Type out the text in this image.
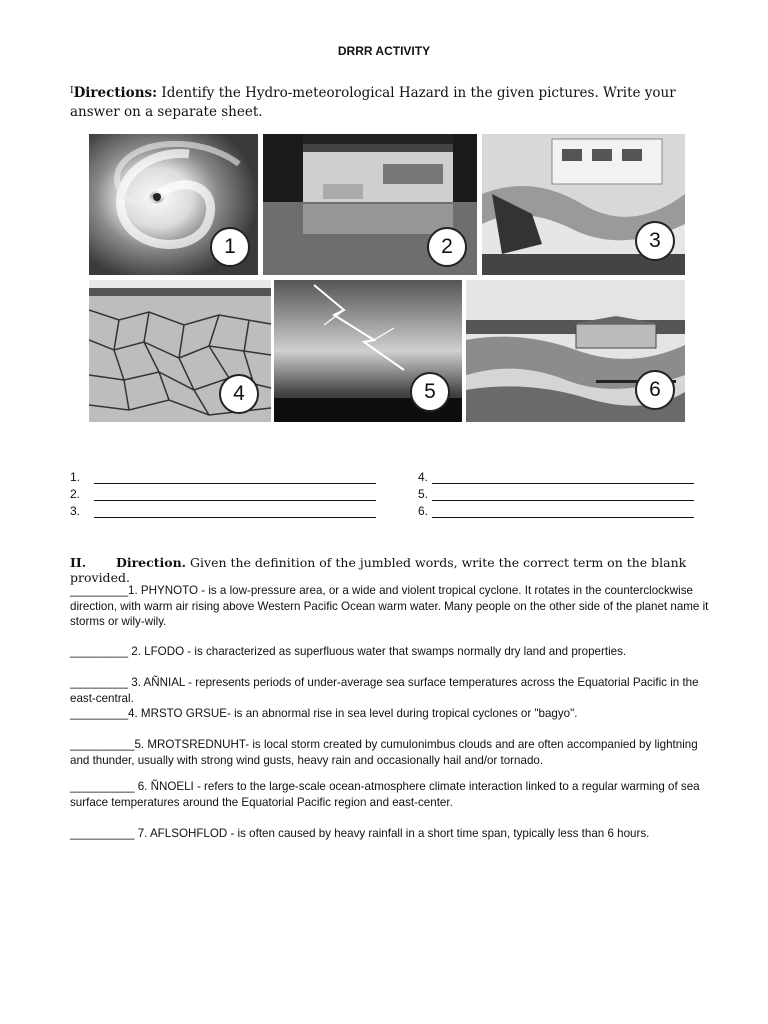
DRRR ACTIVITY
$^I$Directions: Identify the Hydro-meteorological Hazard in the given pictures. Write your answer on a separate sheet.
1	2	3
4	5	6
1.
2.
3.
4.
5.
6.
II. Direction. Given the definition of the jumbled words, write the correct term on the blank provided.
_________1. PHYNOTO - is a low-pressure area, or a wide and violent tropical cyclone. It rotates in the counterclockwise direction, with warm air rising above Western Pacific Ocean warm water. Many people on the other side of the planet name it storms or wily-wily.
_________ 2. LFODO - is characterized as superfluous water that swamps normally dry land and properties.
_________ 3. AÑNIAL - represents periods of under-average sea surface temperatures across the Equatorial Pacific in the east-central.
_________4. MRSTO GRSUE- is an abnormal rise in sea level during tropical cyclones or "bagyo".
__________5. MROTSREDNUHT- is local storm created by cumulonimbus clouds and are often accompanied by lightning and thunder, usually with strong wind gusts, heavy rain and occasionally hail and/or tornado.
__________ 6. ÑNOELI - refers to the large-scale ocean-atmosphere climate interaction linked to a regular warming of sea surface temperatures around the Equatorial Pacific region and east-center.
__________ 7. AFLSOHFLOD - is often caused by heavy rainfall in a short time span, typically less than 6 hours.
